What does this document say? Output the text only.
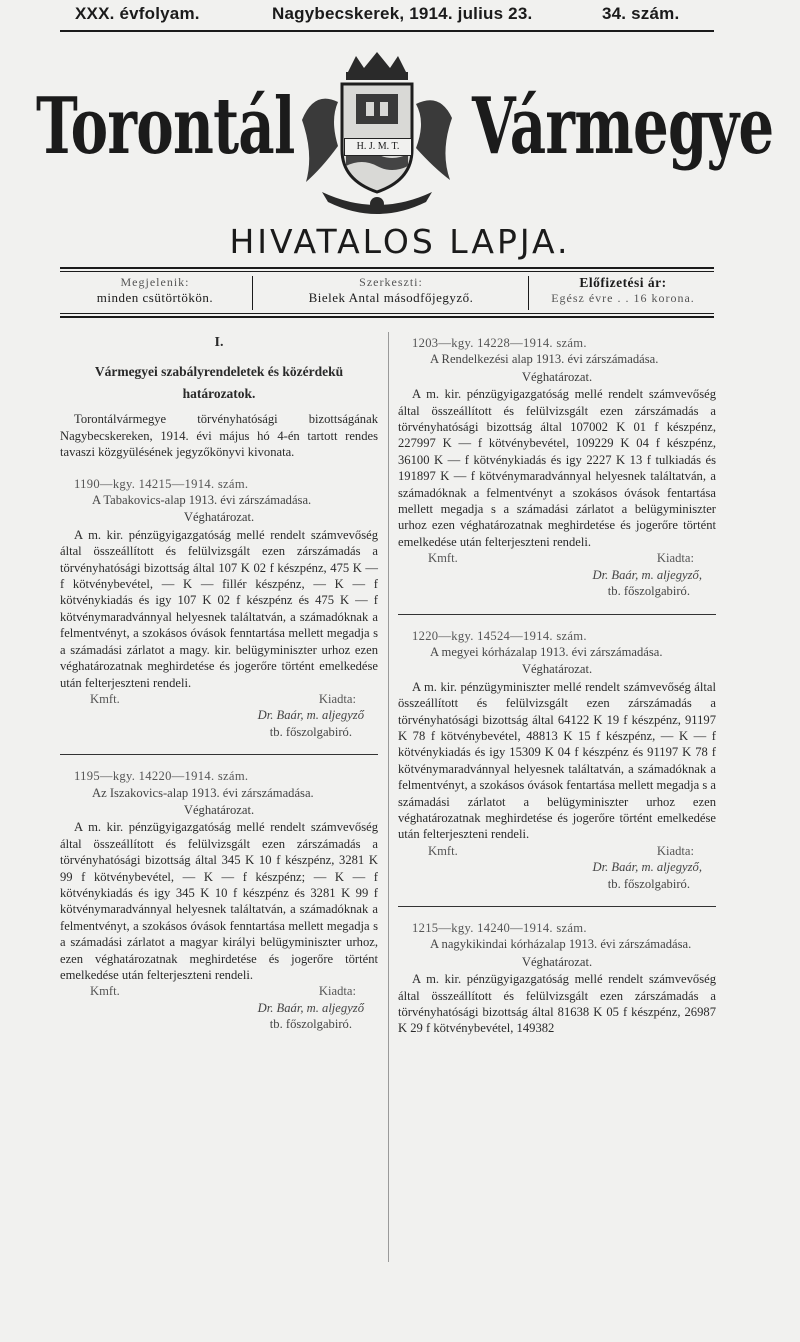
XXX. évfolyam.	Nagybecskerek, 1914. julius 23.	34. szám.
Torontál Vármegye
H. J. M. T.
HIVATALOS LAPJA.
Megjelenik:
minden csütörtökön.
Szerkeszti:
Bielek Antal másodfőjegyző.
Előfizetési ár:
Egész évre . . 16 korona.
I.
Vármegyei szabályrendeletek és közérdekü határozatok.

Torontálvármegye törvényhatósági bizottságának Nagybecskereken, 1914. évi május hó 4-én tartott rendes tavaszi közgyülésének jegyzőkönyvi kivonata.

1190—kgy. 14215—1914. szám.

A Tabakovics-alap 1913. évi zárszámadása.

Véghatározat.

A m. kir. pénzügyigazgatóság mellé rendelt számvevőség által összeállított és felülvizsgált ezen zárszámadás a törvényhatósági bizottság által 107 K 02 f készpénz, 475 K — f kötvénybevétel, — K — fillér készpénz, — K — f kötvénykiadás és igy 107 K 02 f készpénz és 475 K — f kötvénymaradvánnyal helyesnek találtatván, a számadóknak a felmentvényt, a szokásos óvások fenntartása mellett megadja s a számadási zárlatot a magy. kir. belügyminiszter urhoz ezen véghatározatnak meghirdetése és jogerőre történt emelkedése után felterjeszteni rendeli.

Kmft.	Kiadta:
Dr. Baár, m. aljegyző
tb. főszolgabiró.

1195—kgy. 14220—1914. szám.

Az Iszakovics-alap 1913. évi zárszámadása.

Véghatározat.

A m. kir. pénzügyigazgatóság mellé rendelt számvevőség által összeállított és felülvizsgált ezen zárszámadás a törvényhatósági bizottság által 345 K 10 f készpénz, 3281 K 99 f kötvénybevétel, — K — f készpénz; — K — f kötvénykiadás és igy 345 K 10 f készpénz és 3281 K 99 f kötvénymaradvánnyal helyesnek találtatván, a számadóknak a felmentvényt, a szokásos óvások fenntartása mellett megadja s a számadási zárlatot a magyar királyi belügyminiszter urhoz, ezen véghatározatnak meghirdetése és jogerőre történt emelkedése után felterjeszteni rendeli.

Kmft.	Kiadta:
Dr. Baár, m. aljegyző
tb. főszolgabiró.

1203—kgy. 14228—1914. szám.

A Rendelkezési alap 1913. évi zárszámadása.

Véghatározat.

A m. kir. pénzügyigazgatóság mellé rendelt számvevőség által összeállított és felülvizsgált ezen zárszámadás a törvényhatósági bizottság által 107002 K 01 f készpénz, 227997 K — f kötvénybevétel, 109229 K 04 f készpénz, 36100 K — f kötvénykiadás és igy 2227 K 13 f tulkiadás és 191897 K — f kötvénymaradvánnyal helyesnek találtatván, a számadóknak a felmentvényt a szokásos óvások fentartása mellett megadja s a számadási zárlatot a belügyminiszter urhoz ezen véghatározatnak meghirdetése és jogerőre történt emelkedése után felterjeszteni rendeli.

Kmft.	Kiadta:
Dr. Baár, m. aljegyző,
tb. főszolgabiró.

1220—kgy. 14524—1914. szám.

A megyei kórházalap 1913. évi zárszámadása.

Véghatározat.

A m. kir. pénzügyminiszter mellé rendelt számvevőség által összeállított és felülvizsgált ezen zárszámadás a törvényhatósági bizottság által 64122 K 19 f készpénz, 91197 K 78 f kötvénybevétel, 48813 K 15 f készpénz, — K — f kötvénykiadás és igy 15309 K 04 f készpénz és 91197 K 78 f kötvénymaradvánnyal helyesnek találtatván, a számadóknak a felmentvényt, a szokásos óvások fentartása mellett megadja s a számadási zárlatot a belügyminiszter urhoz ezen véghatározatnak meghirdetése és jogerőre történt emelkedése után felterjeszteni rendeli.

Kmft.	Kiadta:
Dr. Baár, m. aljegyző,
tb. főszolgabiró.

1215—kgy. 14240—1914. szám.

A nagykikindai kórházalap 1913. évi zárszámadása.

Véghatározat.

A m. kir. pénzügyigazgatóság mellé rendelt számvevőség által összeállított és felülvizsgált ezen zárszámadás a törvényhatósági bizottság által 81638 K 05 f készpénz, 26987 K 29 f kötvénybevétel, 149382
